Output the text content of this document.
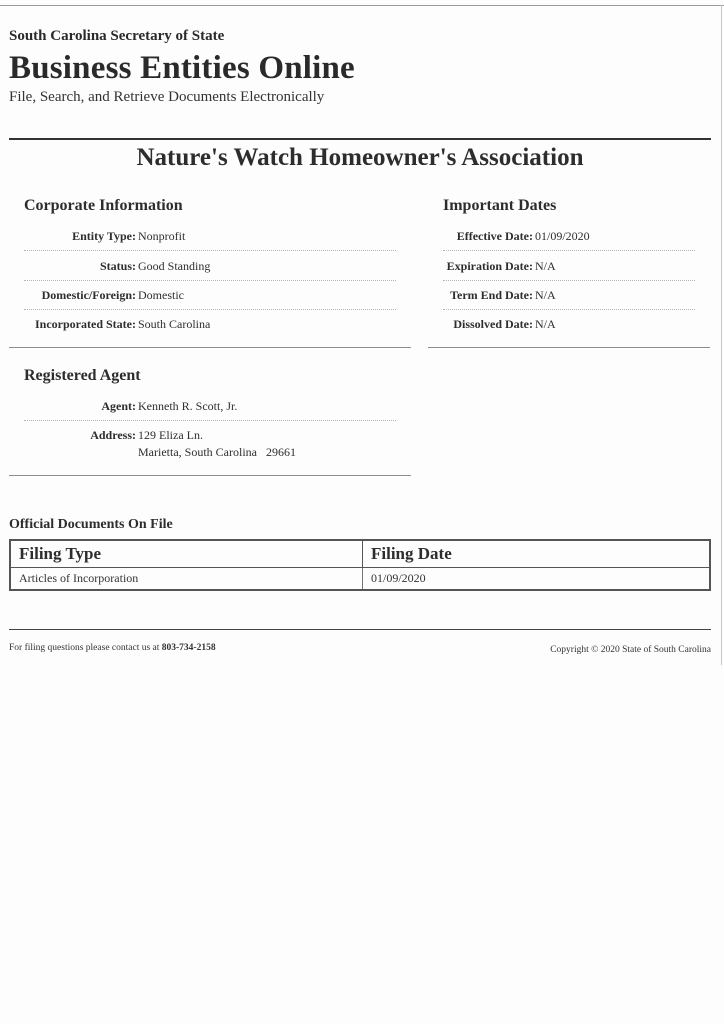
South Carolina Secretary of State
Business Entities Online
File, Search, and Retrieve Documents Electronically
Nature's Watch Homeowner's Association
Corporate Information
Entity Type: Nonprofit
Status: Good Standing
Domestic/Foreign: Domestic
Incorporated State: South Carolina
Important Dates
Effective Date: 01/09/2020
Expiration Date: N/A
Term End Date: N/A
Dissolved Date: N/A
Registered Agent
Agent: Kenneth R. Scott, Jr.
Address: 129 Eliza Ln.
Marietta, South Carolina   29661
Official Documents On File
Filing Type	Filing Date
Articles of Incorporation	01/09/2020
For filing questions please contact us at 803-734-2158	Copyright © 2020 State of South Carolina
